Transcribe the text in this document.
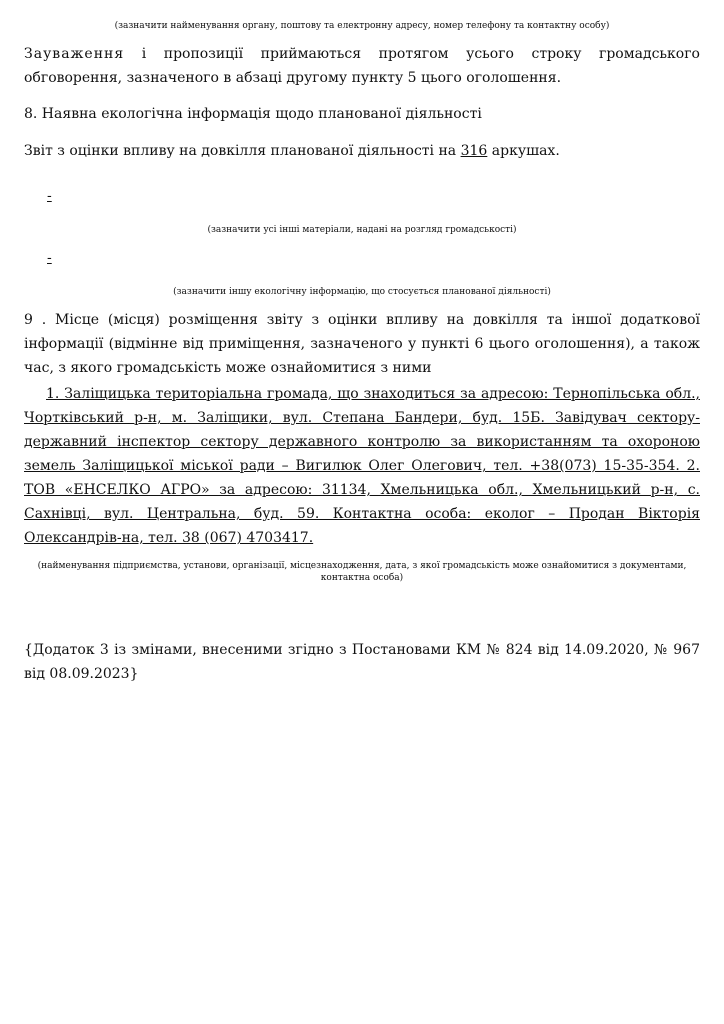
(зазначити найменування органу, поштову та електронну адресу, номер телефону та контактну особу)
Зауваження і пропозиції приймаються протягом усього строку громадського обговорення, зазначеного в абзаці другому пункту 5 цього оголошення.
8. Наявна екологічна інформація щодо планованої діяльності
Звіт з оцінки впливу на довкілля планованої діяльності на 316 аркушах.
-
(зазначити усі інші матеріали, надані на розгляд громадськості)
-
(зазначити іншу екологічну інформацію, що стосується планованої діяльності)
9 . Місце (місця) розміщення звіту з оцінки впливу на довкілля та іншої додаткової інформації (відмінне від приміщення, зазначеного у пункті 6 цього оголошення), а також час, з якого громадськість може ознайомитися з ними
1. Заліщицька територіальна громада, що знаходиться за адресою: Тернопільська обл., Чортківський р-н, м. Заліщики, вул. Степана Бандери, буд. 15Б. Завідувач сектору-державний інспектор сектору державного контролю за використанням та охороною земель Заліщицької міської ради – Вигилюк Олег Олегович, тел. +38(073) 15-35-354. 2. ТОВ «ЕНСЕЛКО АГРО» за адресою: 31134, Хмельницька обл., Хмельницький р-н, с. Сахнівці, вул. Центральна, буд. 59. Контактна особа: еколог – Продан Вікторія Олександрів-на, тел. 38 (067) 4703417.
(найменування підприємства, установи, організації, місцезнаходження, дата, з якої громадськість може ознайомитися з документами, контактна особа)
{Додаток 3 із змінами, внесеними згідно з Постановами КМ № 824 від 14.09.2020, № 967 від 08.09.2023}
